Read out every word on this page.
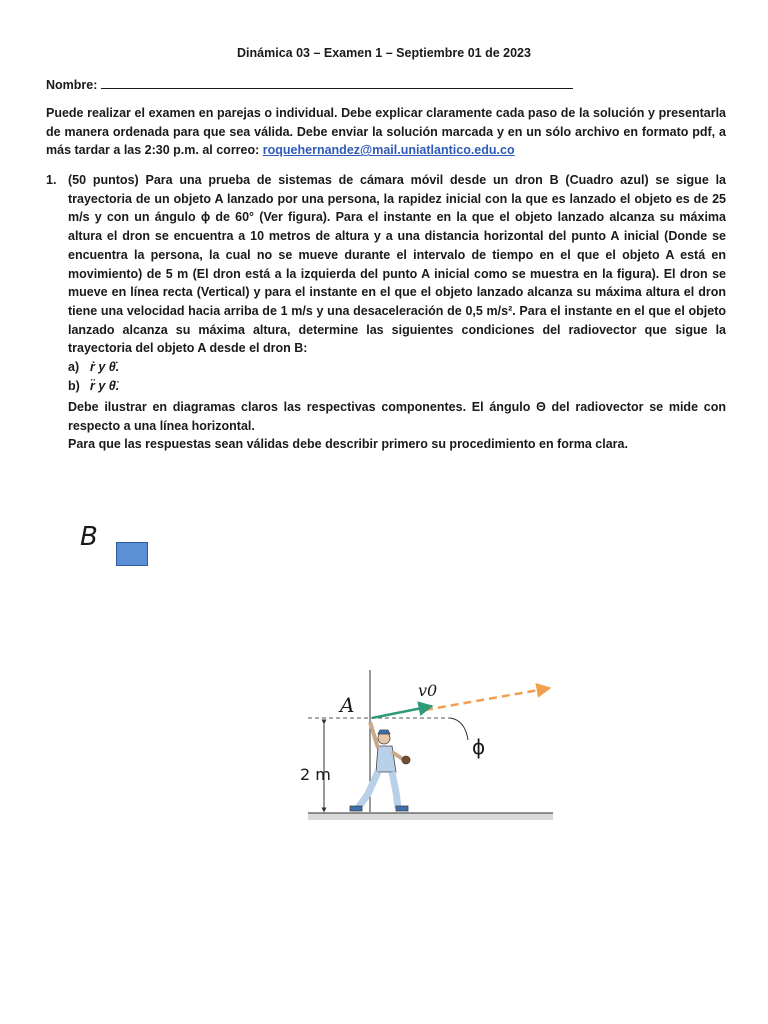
Dinámica 03 – Examen 1 – Septiembre 01 de 2023
Nombre:
Puede realizar el examen en parejas o individual. Debe explicar claramente cada paso de la solución y presentarla de manera ordenada para que sea válida. Debe enviar la solución marcada y en un sólo archivo en formato pdf, a más tardar a las 2:30 p.m. al correo: roquehernandez@mail.uniatlantico.edu.co
1. (50 puntos) Para una prueba de sistemas de cámara móvil desde un dron B (Cuadro azul) se sigue la trayectoria de un objeto A lanzado por una persona, la rapidez inicial con la que es lanzado el objeto es de 25 m/s y con un ángulo ϕ de 60° (Ver figura). Para el instante en la que el objeto lanzado alcanza su máxima altura el dron se encuentra a 10 metros de altura y a una distancia horizontal del punto A inicial (Donde se encuentra la persona, la cual no se mueve durante el intervalo de tiempo en el que el objeto A está en movimiento) de 5 m (El dron está a la izquierda del punto A inicial como se muestra en la figura). El dron se mueve en línea recta (Vertical) y para el instante en el que el objeto lanzado alcanza su máxima altura el dron tiene una velocidad hacia arriba de 1 m/s y una desaceleración de 0,5 m/s². Para el instante en el que el objeto lanzado alcanza su máxima altura, determine las siguientes condiciones del radiovector que sigue la trayectoria del objeto A desde el dron B:
a) ṙ y θ̇.
b) r̈ y θ̈.

Debe ilustrar en diagramas claros las respectivas componentes. El ángulo Θ del radiovector se mide con respecto a una línea horizontal.

Para que las respuestas sean válidas debe describir primero su procedimiento en forma clara.

B
A
v0
ϕ
2 m
